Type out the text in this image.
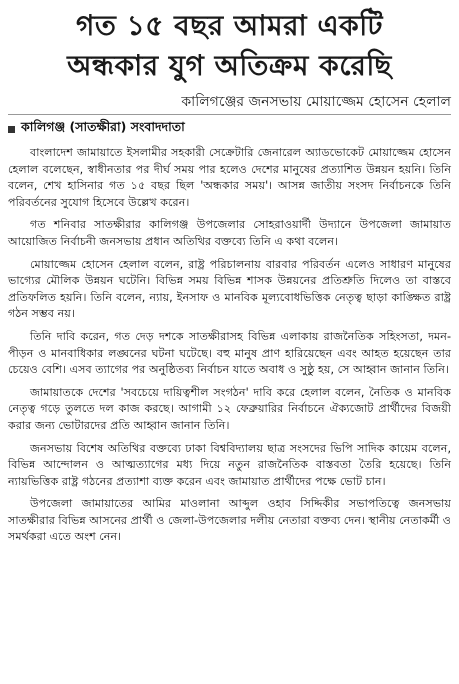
গত ১৫ বছর আমরা একটি
অন্ধকার যুগ অতিক্রম করেছি
কালিগঞ্জের জনসভায় মোয়াজ্জেম হোসেন হেলাল
কালিগঞ্জ (সাতক্ষীরা) সংবাদদাতা

বাংলাদেশ জামায়াতে ইসলামীর সহকারী সেক্রেটারি জেনারেল অ্যাডভোকেট মোয়াজ্জেম হোসেন হেলাল বলেছেন, স্বাধীনতার পর দীর্ঘ সময় পার হলেও দেশের মানুষের প্রত্যাশিত উন্নয়ন হয়নি। তিনি বলেন, শেখ হাসিনার গত ১৫ বছর ছিল 'অন্ধকার সময়'। আসন্ন জাতীয় সংসদ নির্বাচনকে তিনি পরিবর্তনের সুযোগ হিসেবে উল্লেখ করেন।

গত শনিবার সাতক্ষীরার কালিগঞ্জ উপজেলার সোহরাওয়ার্দী উদ্যানে উপজেলা জামায়াত আয়োজিত নির্বাচনী জনসভায় প্রধান অতিথির বক্তব্যে তিনি এ কথা বলেন।

মোয়াজ্জেম হোসেন হেলাল বলেন, রাষ্ট্র পরিচালনায় বারবার পরিবর্তন এলেও সাধারণ মানুষের ভাগ্যের মৌলিক উন্নয়ন ঘটেনি। বিভিন্ন সময় বিভিন্ন শাসক উন্নয়নের প্রতিশ্রুতি দিলেও তা বাস্তবে প্রতিফলিত হয়নি। তিনি বলেন, ন্যায়, ইনসাফ ও মানবিক মূল্যবোধভিত্তিক নেতৃত্ব ছাড়া কাঙ্ক্ষিত রাষ্ট্র গঠন সম্ভব নয়।

তিনি দাবি করেন, গত দেড় দশকে সাতক্ষীরাসহ বিভিন্ন এলাকায় রাজনৈতিক সহিংসতা, দমন-পীড়ন ও মানবাধিকার লঙ্ঘনের ঘটনা ঘটেছে। বহু মানুষ প্রাণ হারিয়েছেন এবং আহত হয়েছেন তার চেয়েও বেশি। এসব ত্যাগের পর অনুষ্ঠিতব্য নির্বাচন যাতে অবাধ ও সুষ্ঠু হয়, সে আহ্বান জানান তিনি।

জামায়াতকে দেশের 'সবচেয়ে দায়িত্বশীল সংগঠন' দাবি করে হেলাল বলেন, নৈতিক ও মানবিক নেতৃত্ব গড়ে তুলতে দল কাজ করছে। আগামী ১২ ফেব্রুয়ারির নির্বাচনে ঐক্যজোট প্রার্থীদের বিজয়ী করার জন্য ভোটারদের প্রতি আহ্বান জানান তিনি।

জনসভায় বিশেষ অতিথির বক্তব্যে ঢাকা বিশ্ববিদ্যালয় ছাত্র সংসদের ভিপি সাদিক কায়েম বলেন, বিভিন্ন আন্দোলন ও আত্মত্যাগের মধ্য দিয়ে নতুন রাজনৈতিক বাস্তবতা তৈরি হয়েছে। তিনি ন্যায়ভিত্তিক রাষ্ট্র গঠনের প্রত্যাশা ব্যক্ত করেন এবং জামায়াত প্রার্থীদের পক্ষে ভোট চান।

উপজেলা জামায়াতের আমির মাওলানা আব্দুল ওহাব সিদ্দিকীর সভাপতিত্বে জনসভায় সাতক্ষীরার বিভিন্ন আসনের প্রার্থী ও জেলা-উপজেলার দলীয় নেতারা বক্তব্য দেন। স্থানীয় নেতাকর্মী ও সমর্থকরা এতে অংশ নেন।
